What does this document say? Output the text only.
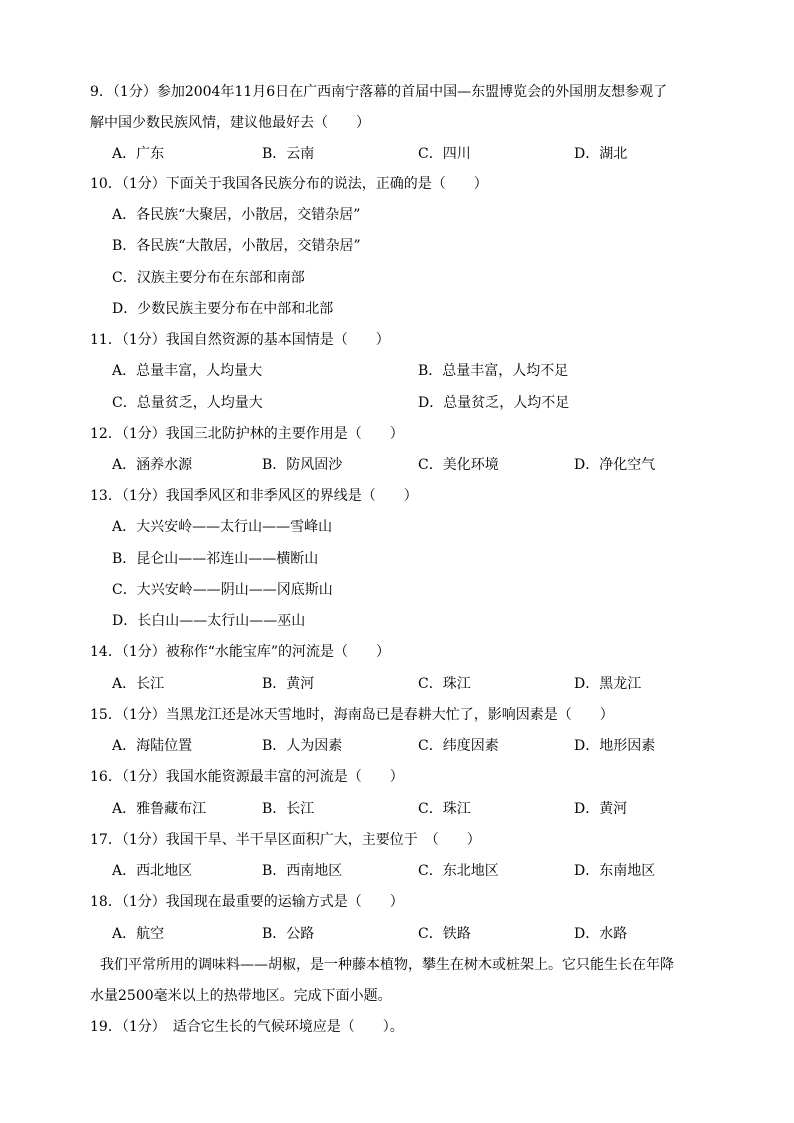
9．（1分）参加2004年11月6日在广西南宁落幕的首届中国—东盟博览会的外国朋友想参观了
解中国少数民族风情，建议他最好去（　　）
A．广东	B．云南	C．四川	D．湖北
10．（1分）下面关于我国各民族分布的说法，正确的是（　　）
A．各民族“大聚居，小散居，交错杂居”
B．各民族“大散居，小散居，交错杂居”
C．汉族主要分布在东部和南部
D．少数民族主要分布在中部和北部
11．（1分）我国自然资源的基本国情是（　　）
A．总量丰富，人均量大	B．总量丰富，人均不足
C．总量贫乏，人均量大	D．总量贫乏，人均不足
12．（1分）我国三北防护林的主要作用是（　　）
A．涵养水源	B．防风固沙	C．美化环境	D．净化空气
13．（1分）我国季风区和非季风区的界线是（　　）
A．大兴安岭——太行山——雪峰山
B．昆仑山——祁连山——横断山
C．大兴安岭——阴山——冈底斯山
D．长白山——太行山——巫山
14．（1分）被称作“水能宝库”的河流是（　　）
A．长江	B．黄河	C．珠江	D．黑龙江
15．（1分）当黑龙江还是冰天雪地时，海南岛已是春耕大忙了，影响因素是（　　）
A．海陆位置	B．人为因素	C．纬度因素	D．地形因素
16．（1分）我国水能资源最丰富的河流是（　　）
A．雅鲁藏布江	B．长江	C．珠江	D．黄河
17．（1分）我国干旱、半干旱区面积广大，主要位于　（　　）
A．西北地区	B．西南地区	C．东北地区	D．东南地区
18．（1分）我国现在最重要的运输方式是（　　）
A．航空	B．公路	C．铁路	D．水路
我们平常所用的调味料——胡椒，是一种藤本植物，攀生在树木或桩架上。它只能生长在年降
水量2500毫米以上的热带地区。完成下面小题。
19．（1分）　适合它生长的气候环境应是（　　）。
